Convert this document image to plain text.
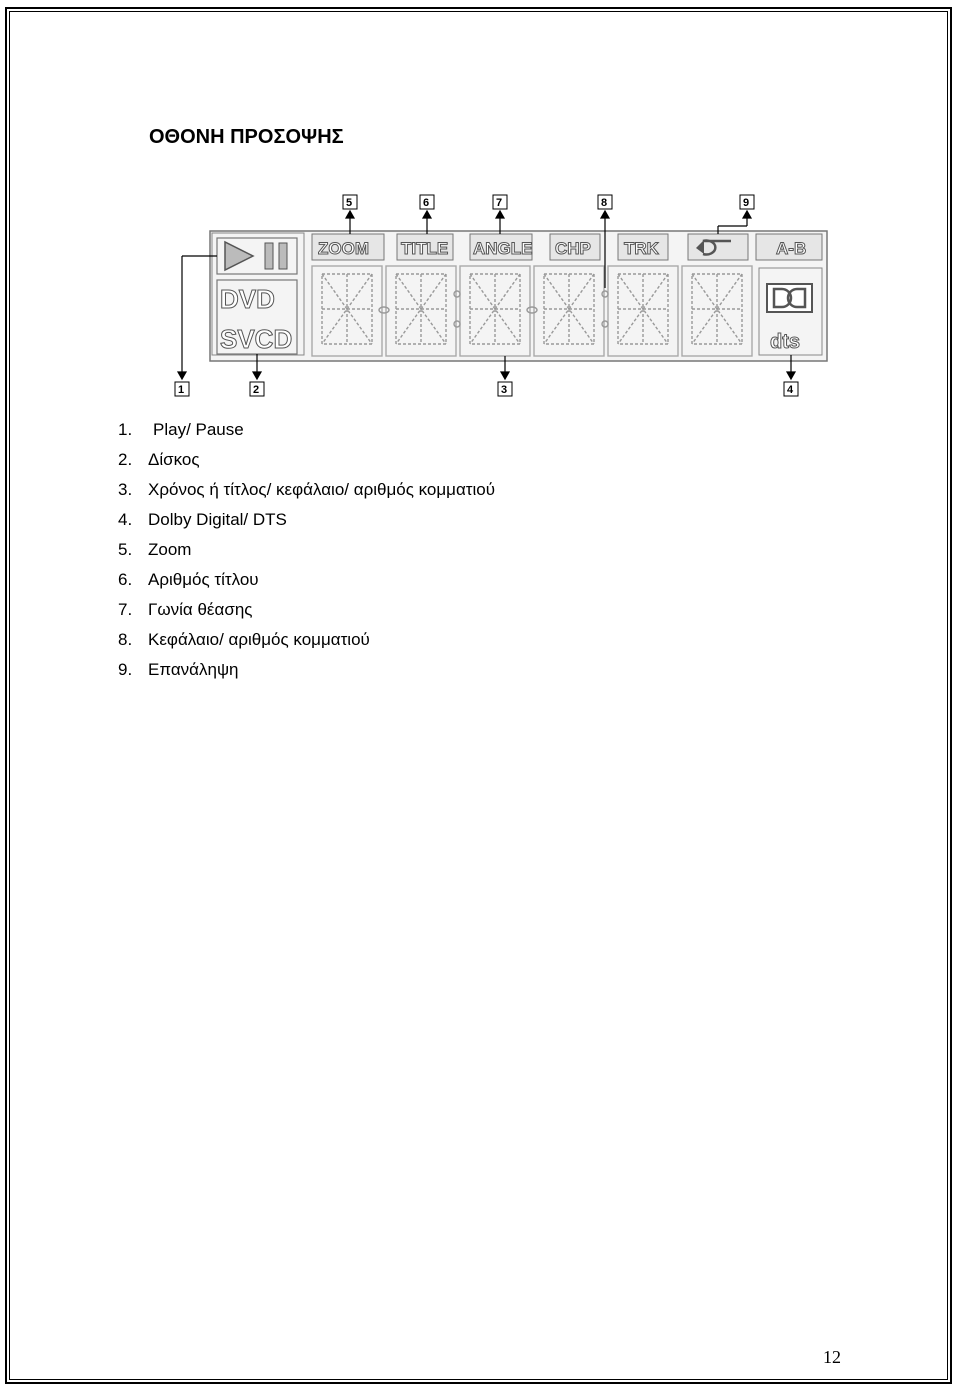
ΟΘΟΝΗ ΠΡΟΣΟΨΗΣ
DVD
SVCD
ZOOM TITLE ANGLE CHP TRK	A-B
dts
1	2	3	4
5	6	7	8	9
1. Play/ Pause
2. Δίσκος
3. Χρόνος ή τίτλος/ κεφάλαιο/ αριθμός κομματιού
4. Dolby Digital/ DTS
5. Zoom
6. Αριθμός τίτλου
7. Γωνία θέασης
8. Κεφάλαιο/ αριθμός κομματιού
9. Επανάληψη
12
